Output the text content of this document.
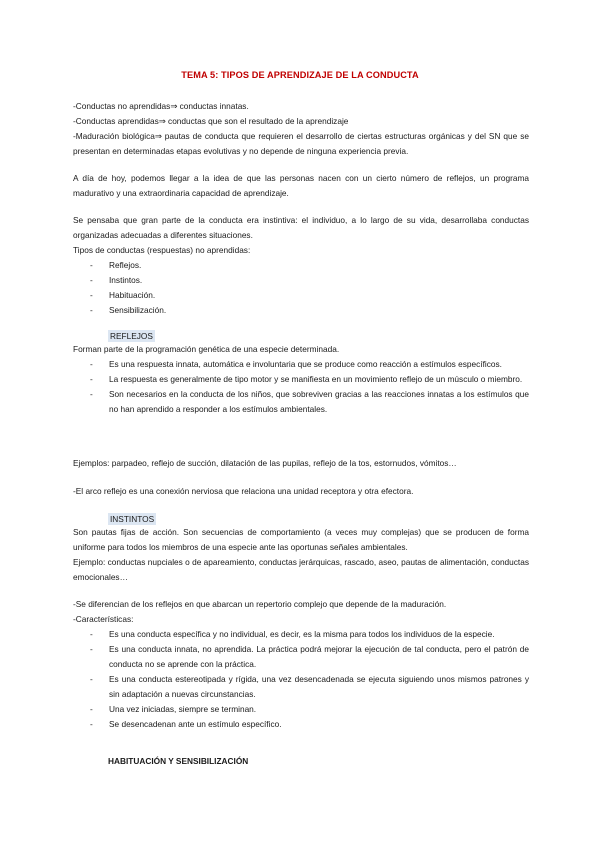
TEMA 5: TIPOS DE APRENDIZAJE DE LA CONDUCTA

-Conductas no aprendidas⇒ conductas innatas.

-Conductas aprendidas⇒ conductas que son el resultado de la aprendizaje

-Maduración biológica⇒ pautas de conducta que requieren el desarrollo de ciertas estructuras orgánicas y del SN que se presentan en determinadas etapas evolutivas y no depende de ninguna experiencia previa.

A día de hoy, podemos llegar a la idea de que las personas nacen con un cierto número de reflejos, un programa madurativo y una extraordinaria capacidad de aprendizaje.

Se pensaba que gran parte de la conducta era instintiva: el individuo, a lo largo de su vida, desarrollaba conductas organizadas adecuadas a diferentes situaciones.

Tipos de conductas (respuestas) no aprendidas:

- Reflejos.
- Instintos.
- Habituación.
- Sensibilización.
REFLEJOS

Forman parte de la programación genética de una especie determinada.

- Es una respuesta innata, automática e involuntaria que se produce como reacción a estímulos específicos.
- La respuesta es generalmente de tipo motor y se manifiesta en un movimiento reflejo de un músculo o miembro.
- Son necesarios en la conducta de los niños, que sobreviven gracias a las reacciones innatas a los estímulos que no han aprendido a responder a los estímulos ambientales.

Ejemplos: parpadeo, reflejo de succión, dilatación de las pupilas, reflejo de la tos, estornudos, vómitos…

-El arco reflejo es una conexión nerviosa que relaciona una unidad receptora y otra efectora.

INSTINTOS

Son pautas fijas de acción. Son secuencias de comportamiento (a veces muy complejas) que se producen de forma uniforme para todos los miembros de una especie ante las oportunas señales ambientales.

Ejemplo: conductas nupciales o de apareamiento, conductas jerárquicas, rascado, aseo, pautas de alimentación, conductas emocionales…

-Se diferencian de los reflejos en que abarcan un repertorio complejo que depende de la maduración.

-Características:

- Es una conducta específica y no individual, es decir, es la misma para todos los individuos de la especie.
- Es una conducta innata, no aprendida. La práctica podrá mejorar la ejecución de tal conducta, pero el patrón de conducta no se aprende con la práctica.
- Es una conducta estereotipada y rígida, una vez desencadenada se ejecuta siguiendo unos mismos patrones y sin adaptación a nuevas circunstancias.
- Una vez iniciadas, siempre se terminan.
- Se desencadenan ante un estímulo específico.
HABITUACIÓN Y SENSIBILIZACIÓN
